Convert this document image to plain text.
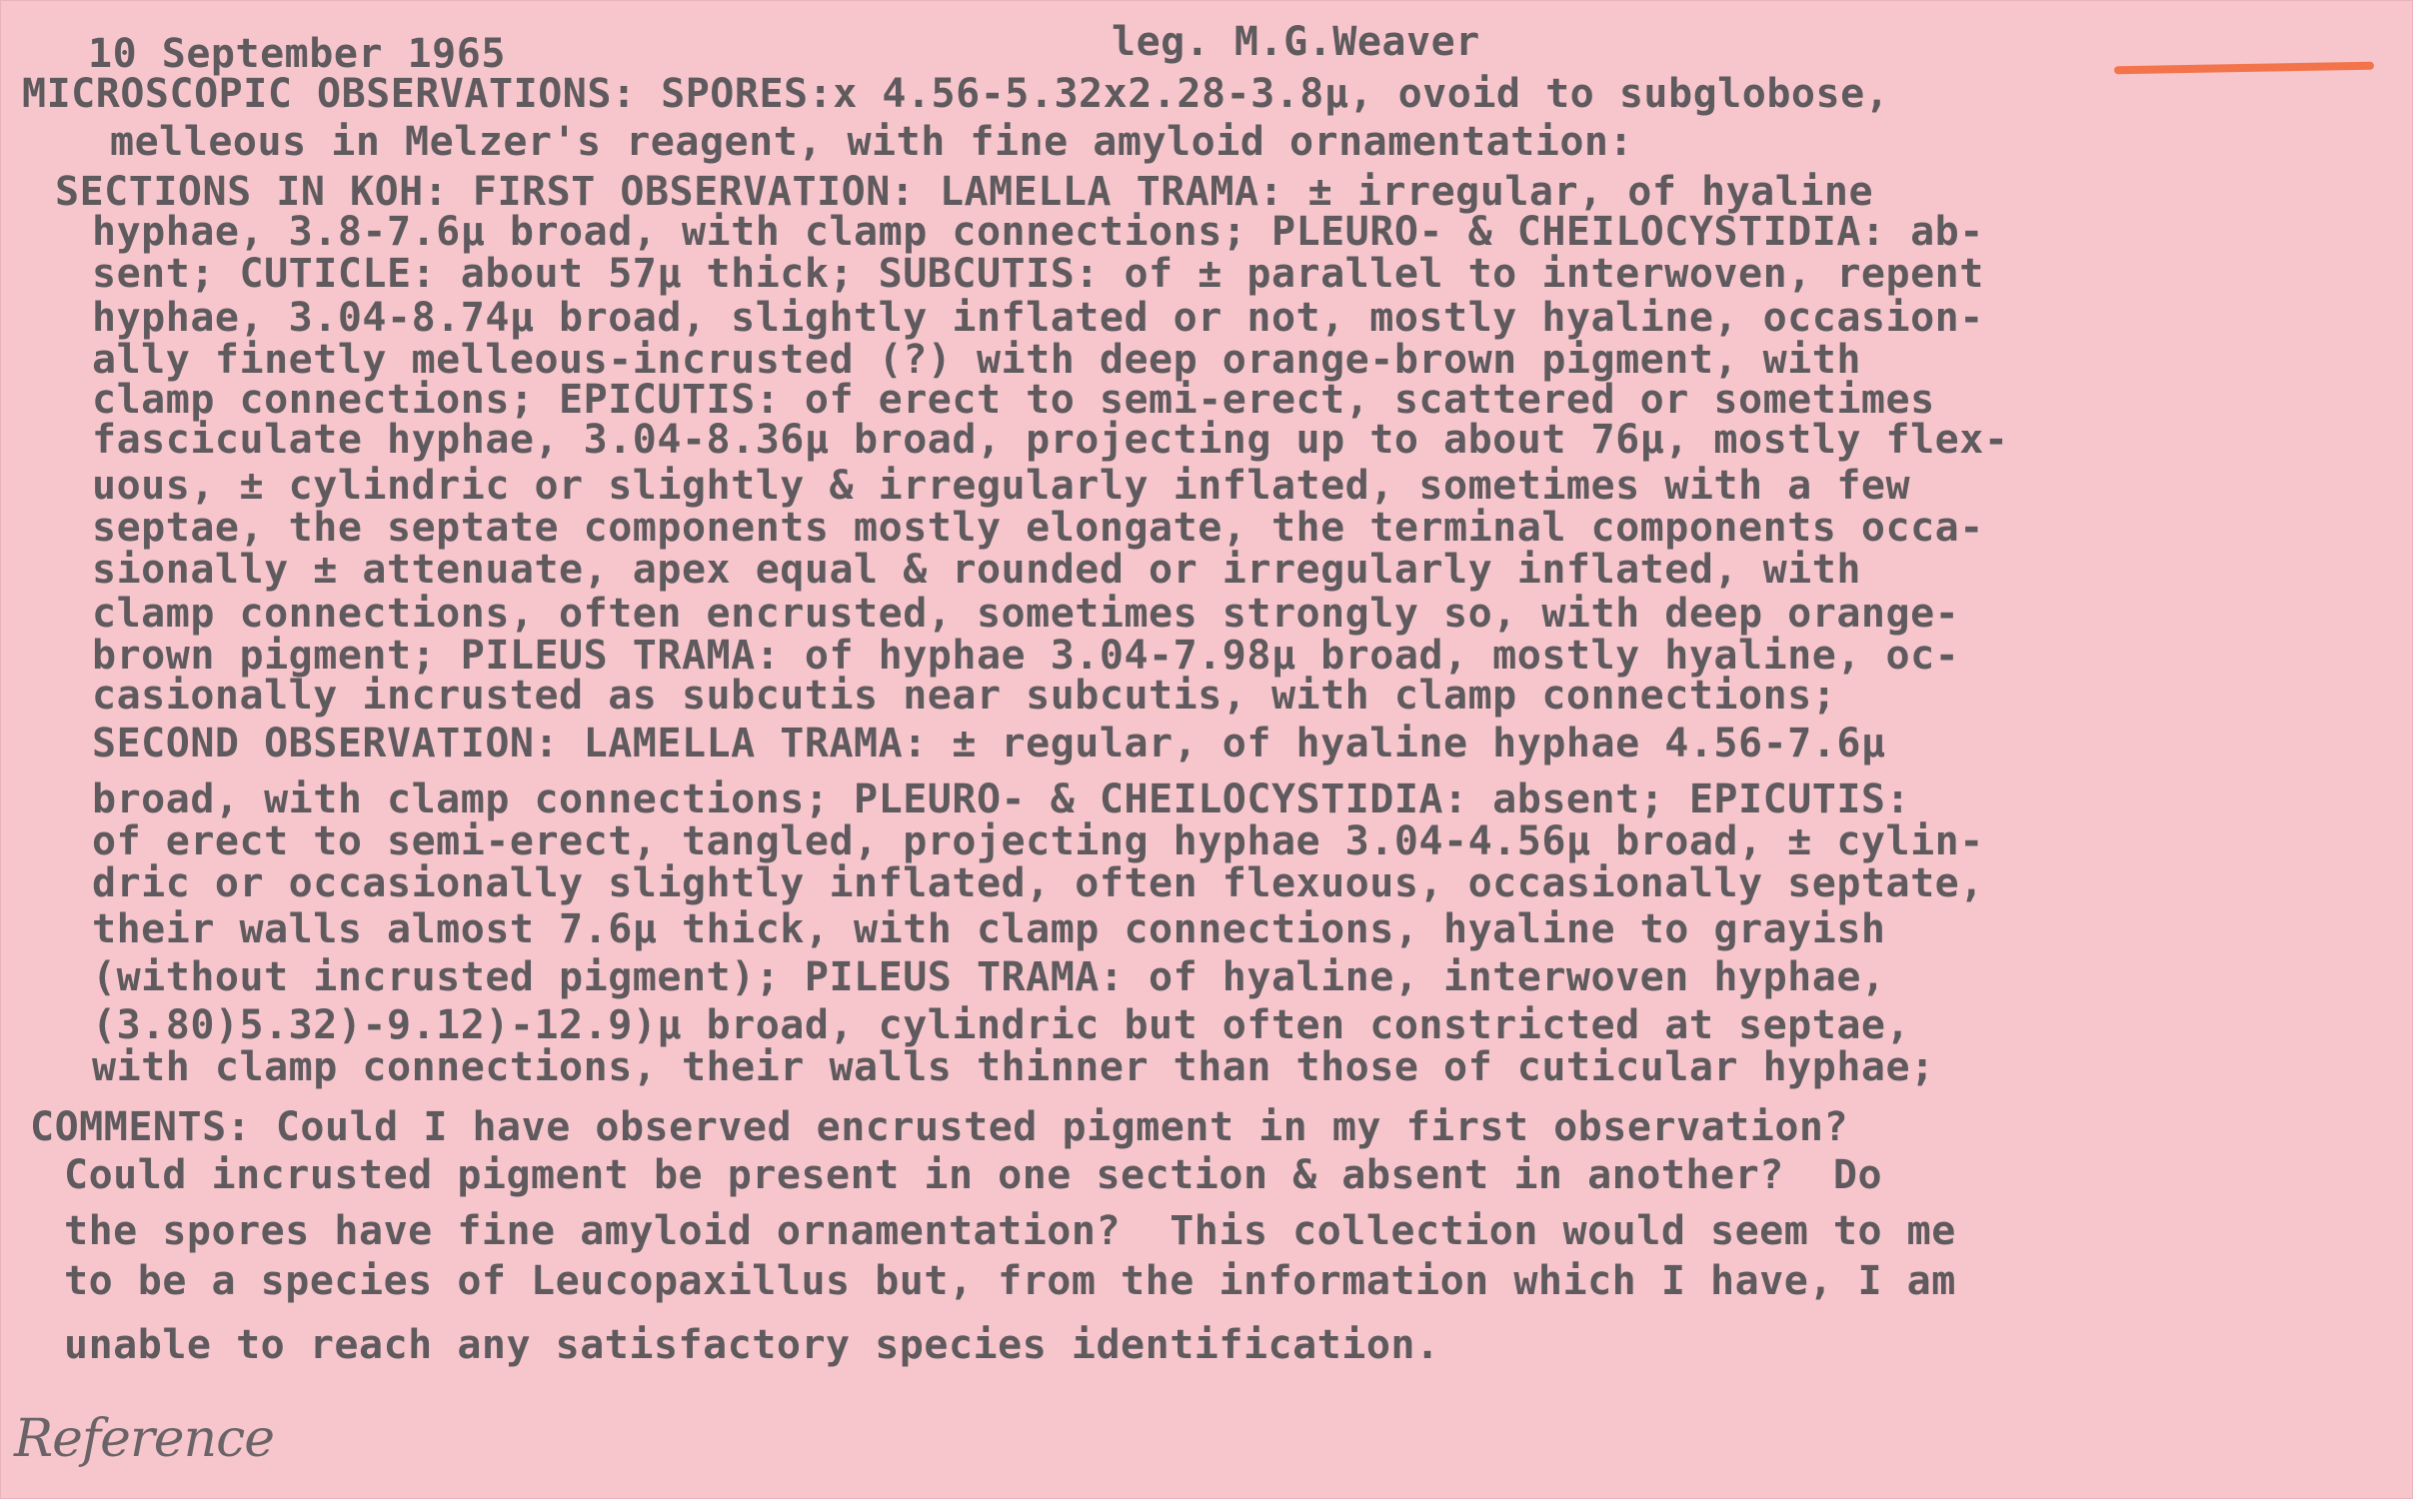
10 September 1965	leg. M.G.Weaver
MICROSCOPIC OBSERVATIONS: SPORES:x 4.56-5.32x2.28-3.8µ, ovoid to subglobose,
melleous in Melzer's reagent, with fine amyloid ornamentation:
SECTIONS IN KOH: FIRST OBSERVATION: LAMELLA TRAMA: ± irregular, of hyaline
hyphae, 3.8-7.6µ broad, with clamp connections; PLEURO- & CHEILOCYSTIDIA: ab-
sent; CUTICLE: about 57µ thick; SUBCUTIS: of ± parallel to interwoven, repent
hyphae, 3.04-8.74µ broad, slightly inflated or not, mostly hyaline, occasion-
ally finetly melleous-incrusted (?) with deep orange-brown pigment, with
clamp connections; EPICUTIS: of erect to semi-erect, scattered or sometimes
fasciculate hyphae, 3.04-8.36µ broad, projecting up to about 76µ, mostly flex-
uous, ± cylindric or slightly & irregularly inflated, sometimes with a few
septae, the septate components mostly elongate, the terminal components occa-
sionally ± attenuate, apex equal & rounded or irregularly inflated, with
clamp connections, often encrusted, sometimes strongly so, with deep orange-
brown pigment; PILEUS TRAMA: of hyphae 3.04-7.98µ broad, mostly hyaline, oc-
casionally incrusted as subcutis near subcutis, with clamp connections;
SECOND OBSERVATION: LAMELLA TRAMA: ± regular, of hyaline hyphae 4.56-7.6µ
broad, with clamp connections; PLEURO- & CHEILOCYSTIDIA: absent; EPICUTIS:
of erect to semi-erect, tangled, projecting hyphae 3.04-4.56µ broad, ± cylin-
dric or occasionally slightly inflated, often flexuous, occasionally septate,
their walls almost 7.6µ thick, with clamp connections, hyaline to grayish
(without incrusted pigment); PILEUS TRAMA: of hyaline, interwoven hyphae,
(3.80)5.32)-9.12)-12.9)µ broad, cylindric but often constricted at septae,
with clamp connections, their walls thinner than those of cuticular hyphae;
COMMENTS: Could I have observed encrusted pigment in my first observation?
Could incrusted pigment be present in one section & absent in another?  Do
the spores have fine amyloid ornamentation?  This collection would seem to me
to be a species of Leucopaxillus but, from the information which I have, I am
unable to reach any satisfactory species identification.
Reference
